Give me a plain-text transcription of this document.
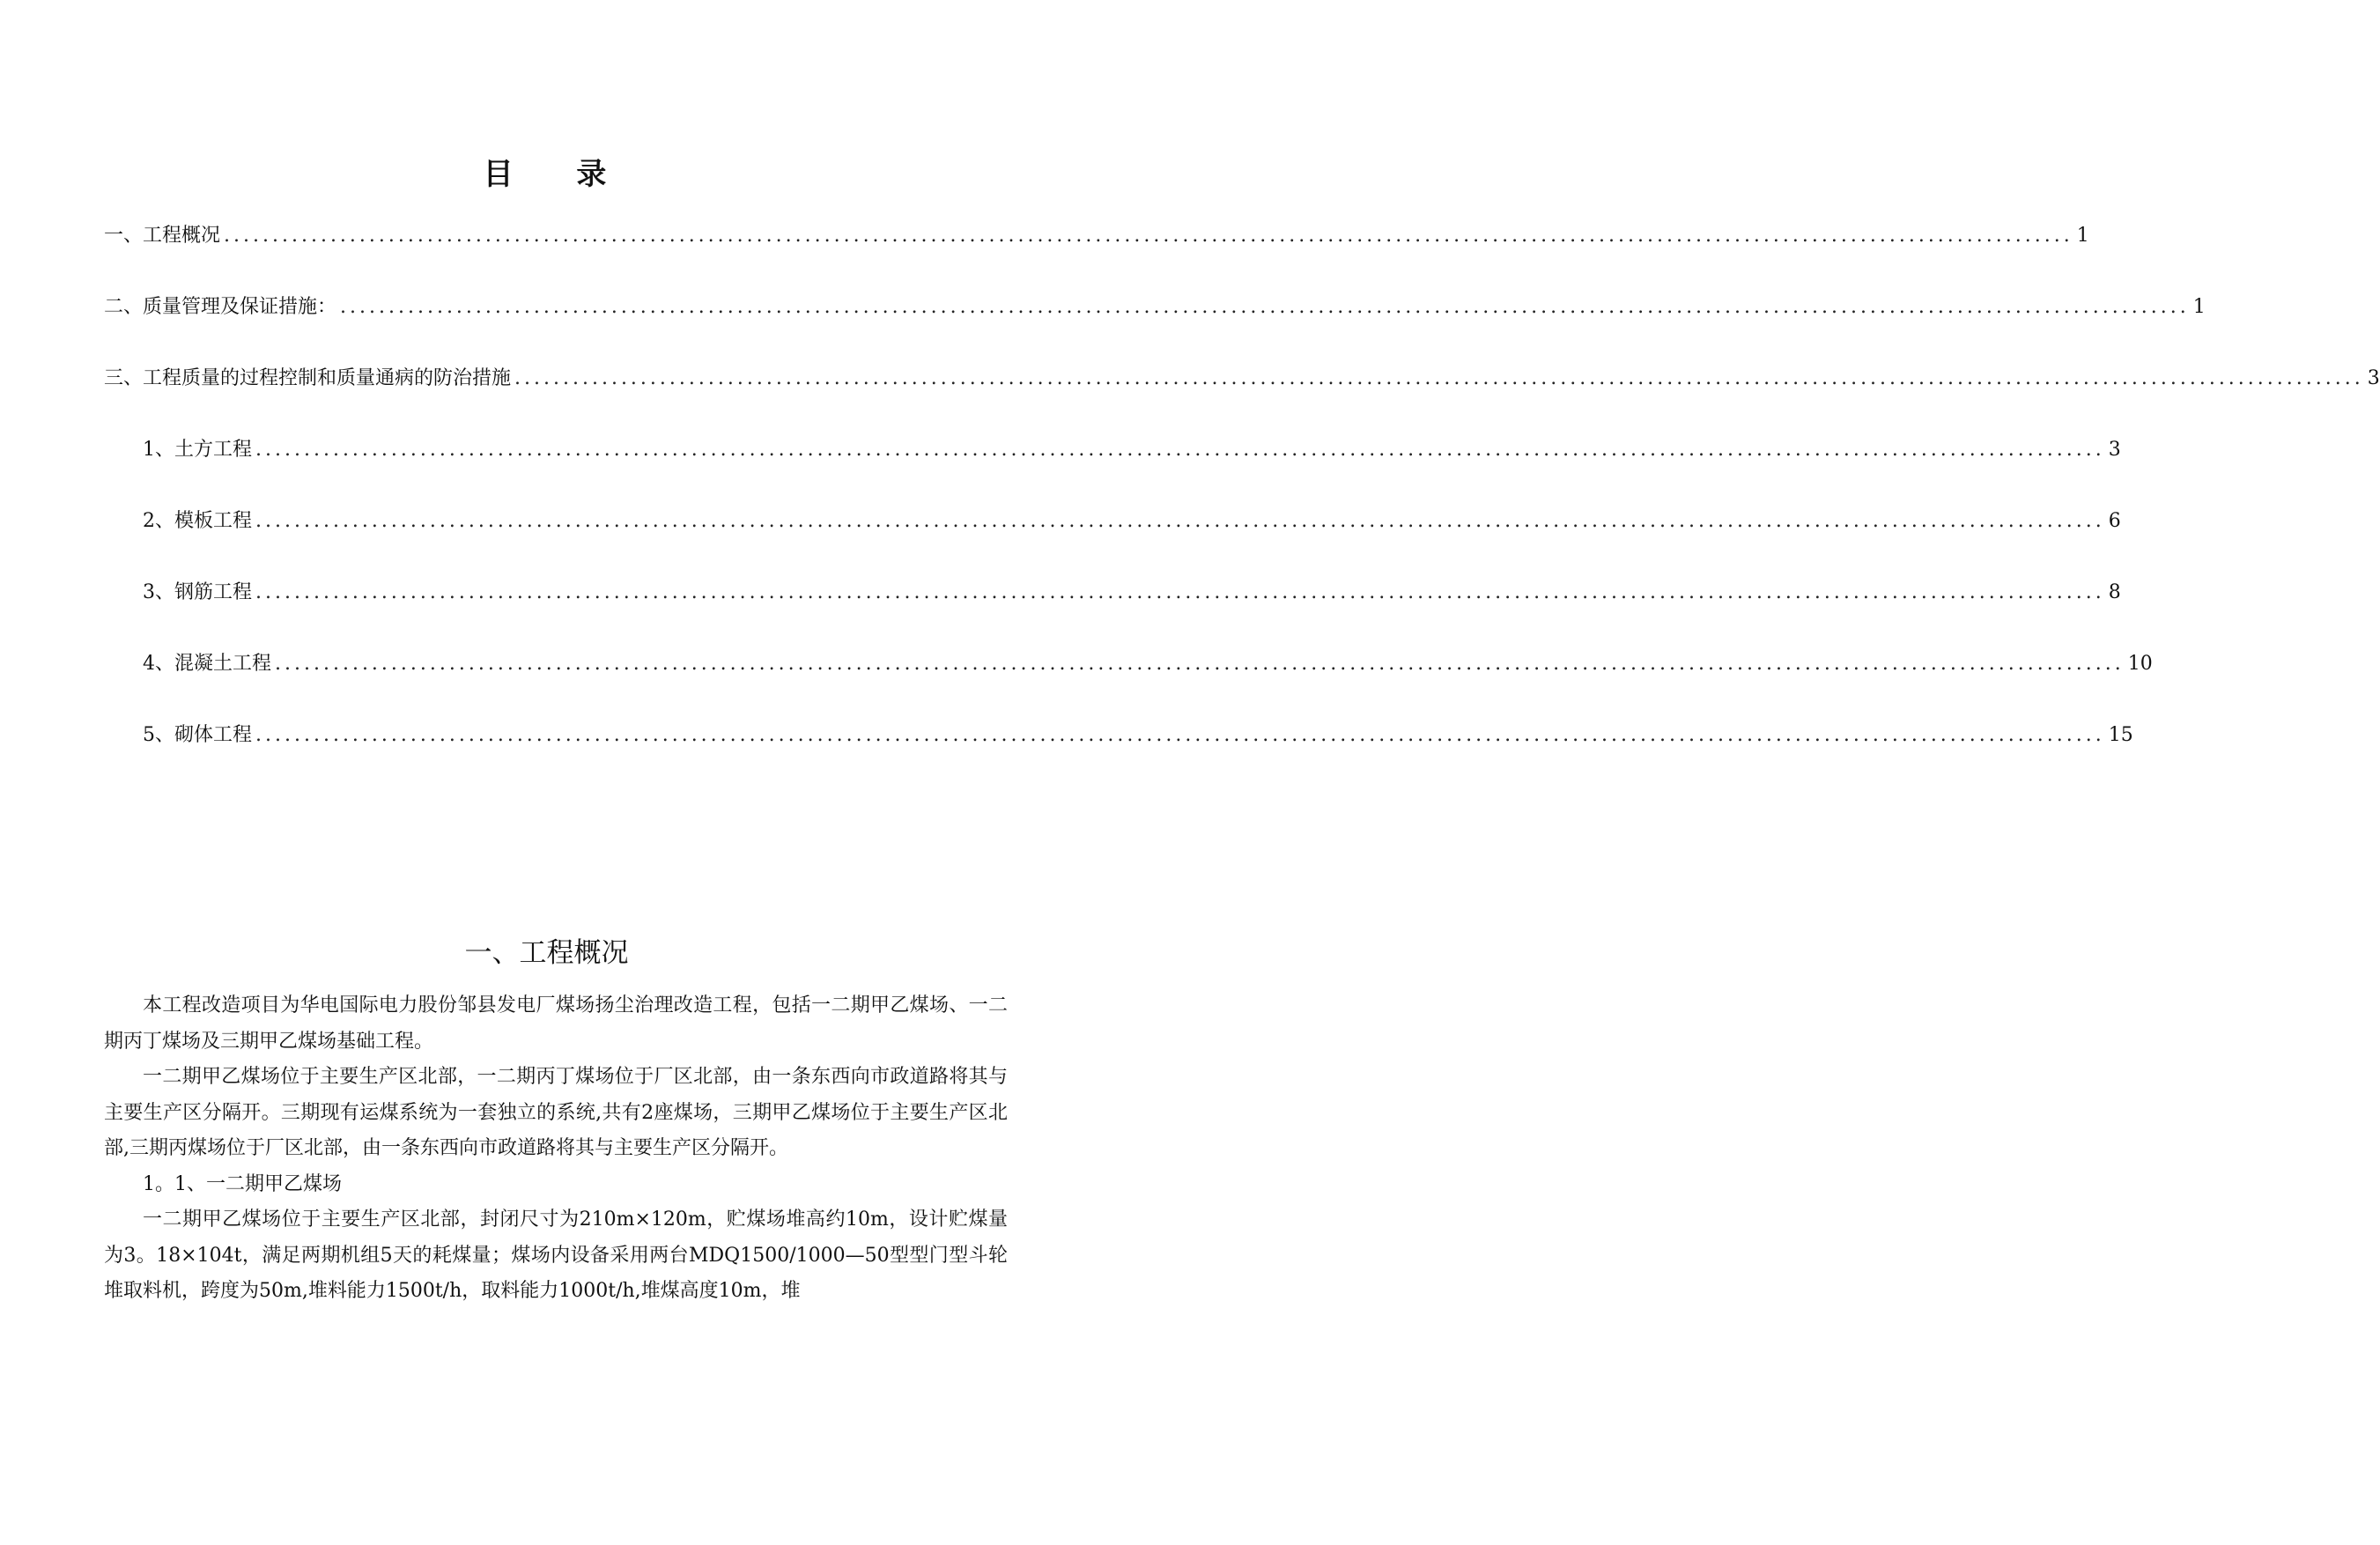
目 录
一、工程概况 ............................................................................................................................................................................................... 1
二、质量管理及保证措施： ............................................................................................................................................................................................... 1
三、工程质量的过程控制和质量通病的防治措施 ............................................................................................................................................................................................... 3
1、土方工程 ............................................................................................................................................................................................... 3
2、模板工程 ............................................................................................................................................................................................... 6
3、钢筋工程 ............................................................................................................................................................................................... 8
4、混凝土工程 ............................................................................................................................................................................................... 10
5、砌体工程 ............................................................................................................................................................................................... 15
一、工程概况

本工程改造项目为华电国际电力股份邹县发电厂煤场扬尘治理改造工程，包括一二期甲乙煤场、一二期丙丁煤场及三期甲乙煤场基础工程。

一二期甲乙煤场位于主要生产区北部，一二期丙丁煤场位于厂区北部，由一条东西向市政道路将其与主要生产区分隔开。三期现有运煤系统为一套独立的系统,共有2座煤场，三期甲乙煤场位于主要生产区北部,三期丙煤场位于厂区北部，由一条东西向市政道路将其与主要生产区分隔开。

1。1、一二期甲乙煤场

一二期甲乙煤场位于主要生产区北部，封闭尺寸为210m×120m，贮煤场堆高约10m，设计贮煤量为3。18×104t，满足两期机组5天的耗煤量；煤场内设备采用两台MDQ1500/1000—50型型门型斗轮堆取料机，跨度为50m,堆料能力1500t/h，取料能力1000t/h,堆煤高度10m，堆
